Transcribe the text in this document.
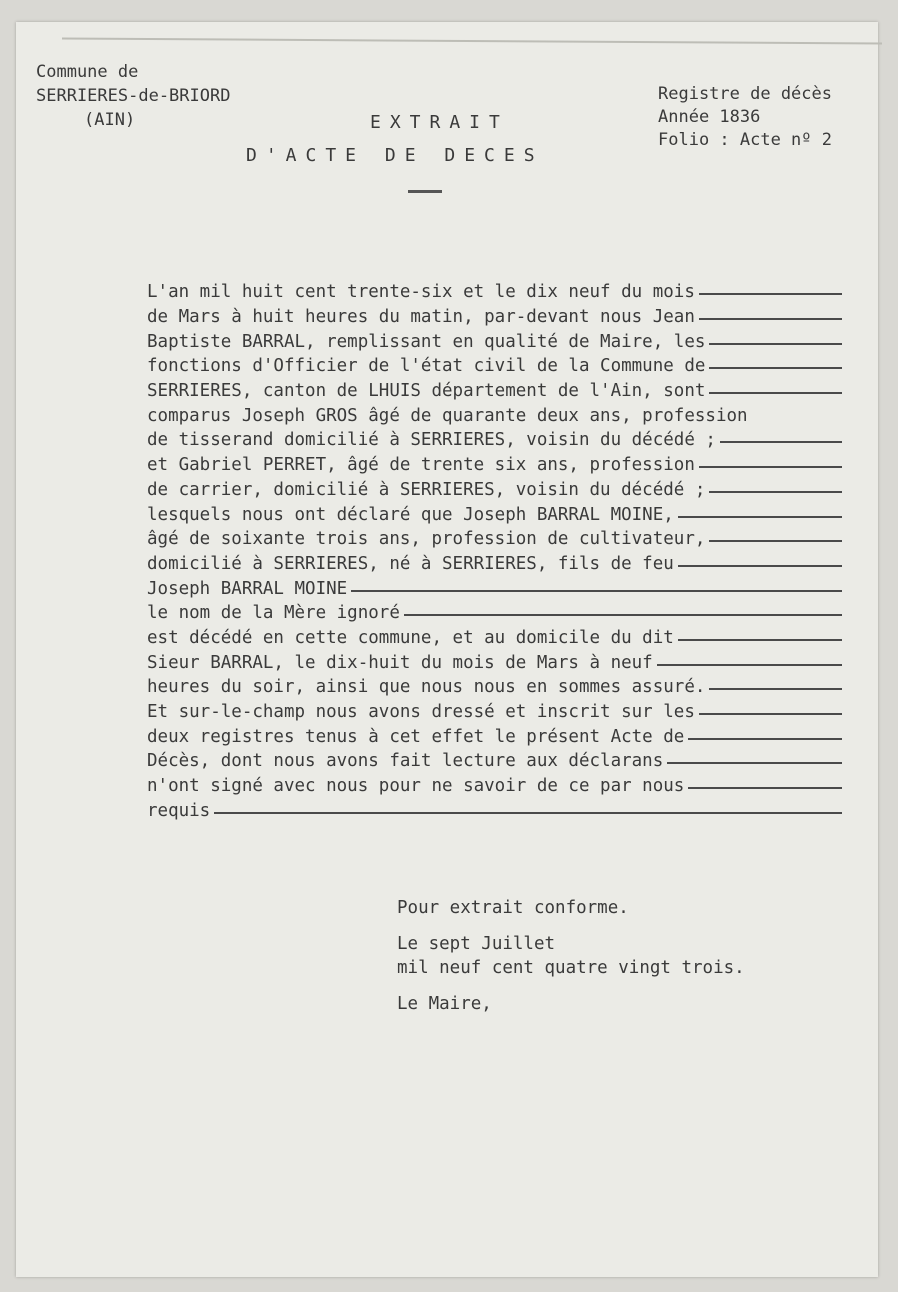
Commune de
SERRIERES-de-BRIORD
(AIN)	EXTRAIT
D'ACTE DE DECES
Registre de décès
Année 1836
Folio : Acte nº 2
L'an mil huit cent trente-six et le dix neuf du mois
de Mars à huit heures du matin, par-devant nous Jean
Baptiste BARRAL, remplissant en qualité de Maire, les
fonctions d'Officier de l'état civil de la Commune de
SERRIERES, canton de LHUIS département de l'Ain, sont
comparus Joseph GROS âgé de quarante deux ans, profession
de tisserand domicilié à SERRIERES, voisin du décédé ;
et Gabriel PERRET, âgé de trente six ans, profession
de carrier, domicilié à SERRIERES, voisin du décédé ;
lesquels nous ont déclaré que Joseph BARRAL MOINE,
âgé de soixante trois ans, profession de cultivateur,
domicilié à SERRIERES, né à SERRIERES, fils de feu
Joseph BARRAL MOINE
le nom de la Mère ignoré
est décédé en cette commune, et au domicile du dit
Sieur BARRAL, le dix-huit du mois de Mars à neuf
heures du soir, ainsi que nous nous en sommes assuré.
Et sur-le-champ nous avons dressé et inscrit sur les
deux registres tenus à cet effet le présent Acte de
Décès, dont nous avons fait lecture aux déclarans
n'ont signé avec nous pour ne savoir de ce par nous
requis
Pour extrait conforme.
Le sept Juillet
mil neuf cent quatre vingt trois.
Le Maire,
